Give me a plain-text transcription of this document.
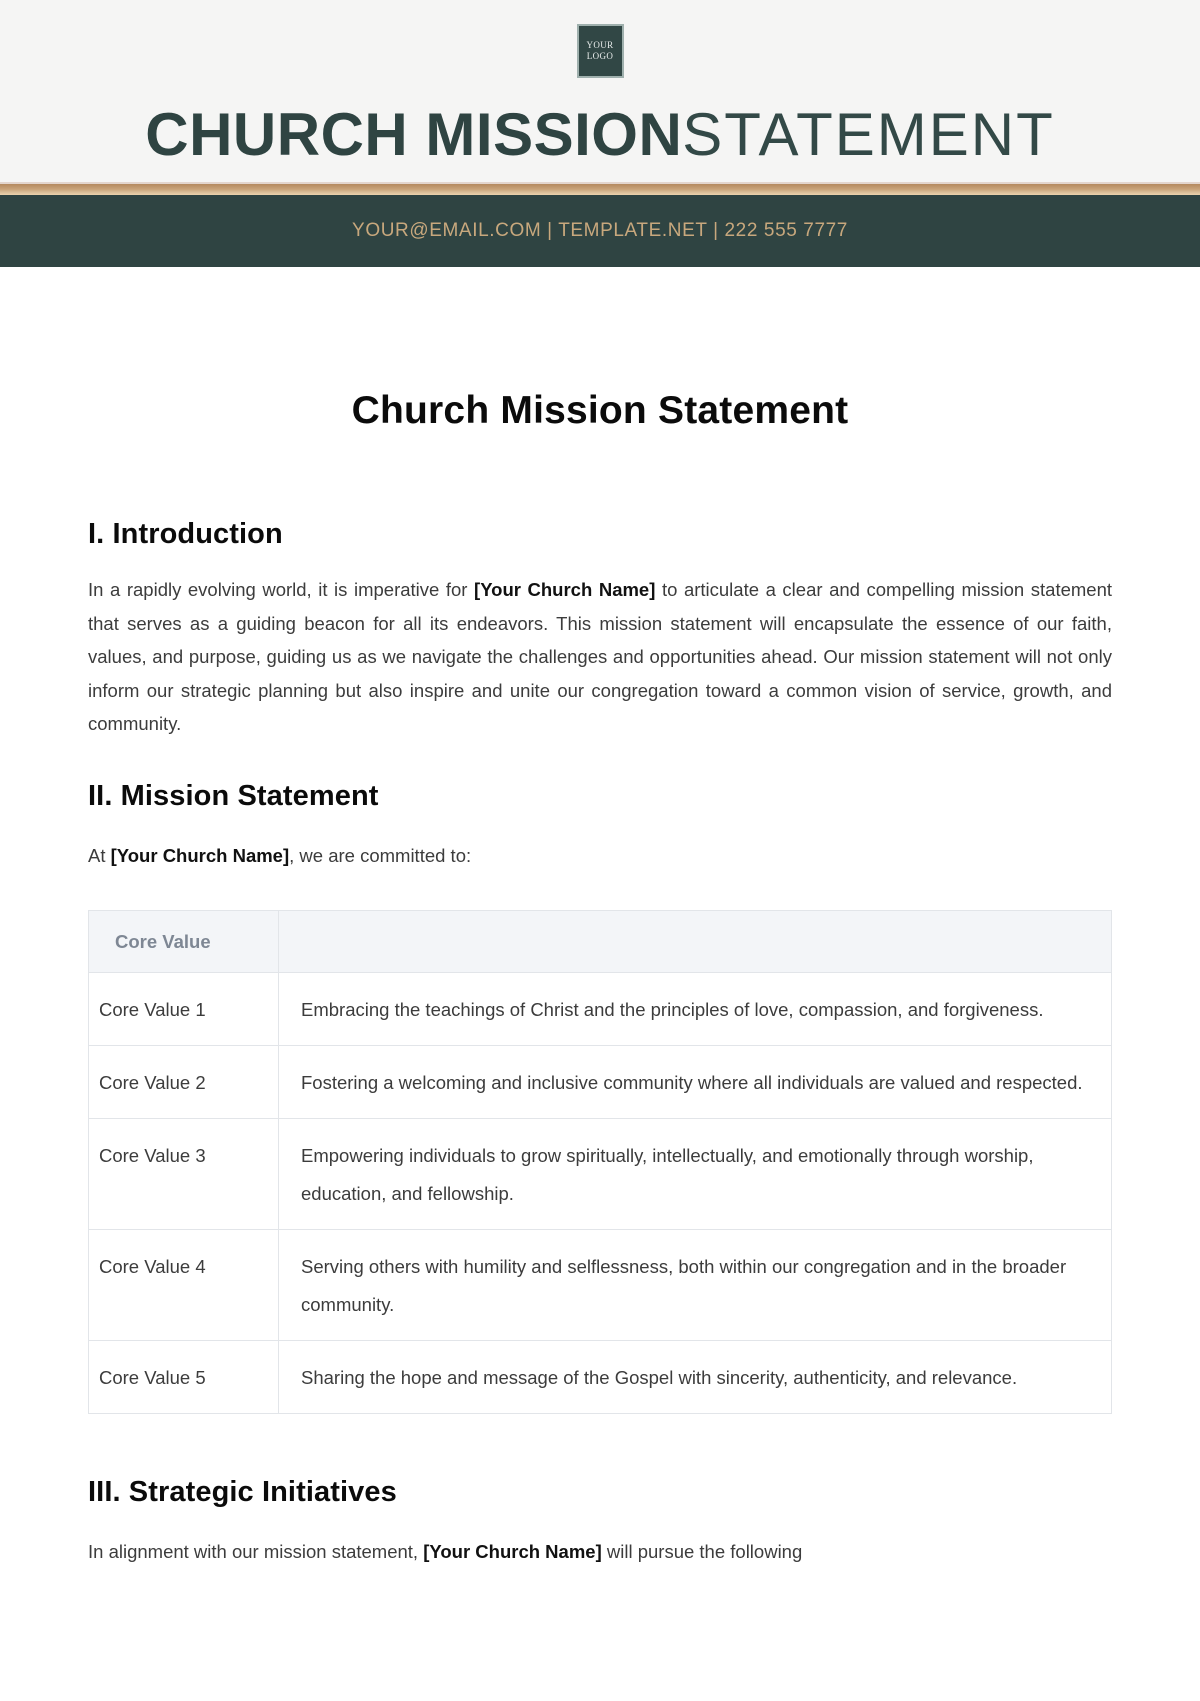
YOUR
LOGO
CHURCH MISSIONSTATEMENT
YOUR@EMAIL.COM | TEMPLATE.NET | 222 555 7777
Church Mission Statement
I. Introduction

In a rapidly evolving world, it is imperative for [Your Church Name] to articulate a clear and compelling mission statement that serves as a guiding beacon for all its endeavors. This mission statement will encapsulate the essence of our faith, values, and purpose, guiding us as we navigate the challenges and opportunities ahead. Our mission statement will not only inform our strategic planning but also inspire and unite our congregation toward a common vision of service, growth, and community.

II. Mission Statement

At [Your Church Name], we are committed to:

Core Value	
Core Value 1	Embracing the teachings of Christ and the principles of love, compassion, and forgiveness.
Core Value 2	Fostering a welcoming and inclusive community where all individuals are valued and respected.
Core Value 3	Empowering individuals to grow spiritually, intellectually, and emotionally through worship, education, and fellowship.
Core Value 4	Serving others with humility and selflessness, both within our congregation and in the broader community.
Core Value 5	Sharing the hope and message of the Gospel with sincerity, authenticity, and relevance.
III. Strategic Initiatives

In alignment with our mission statement, [Your Church Name] will pursue the following
